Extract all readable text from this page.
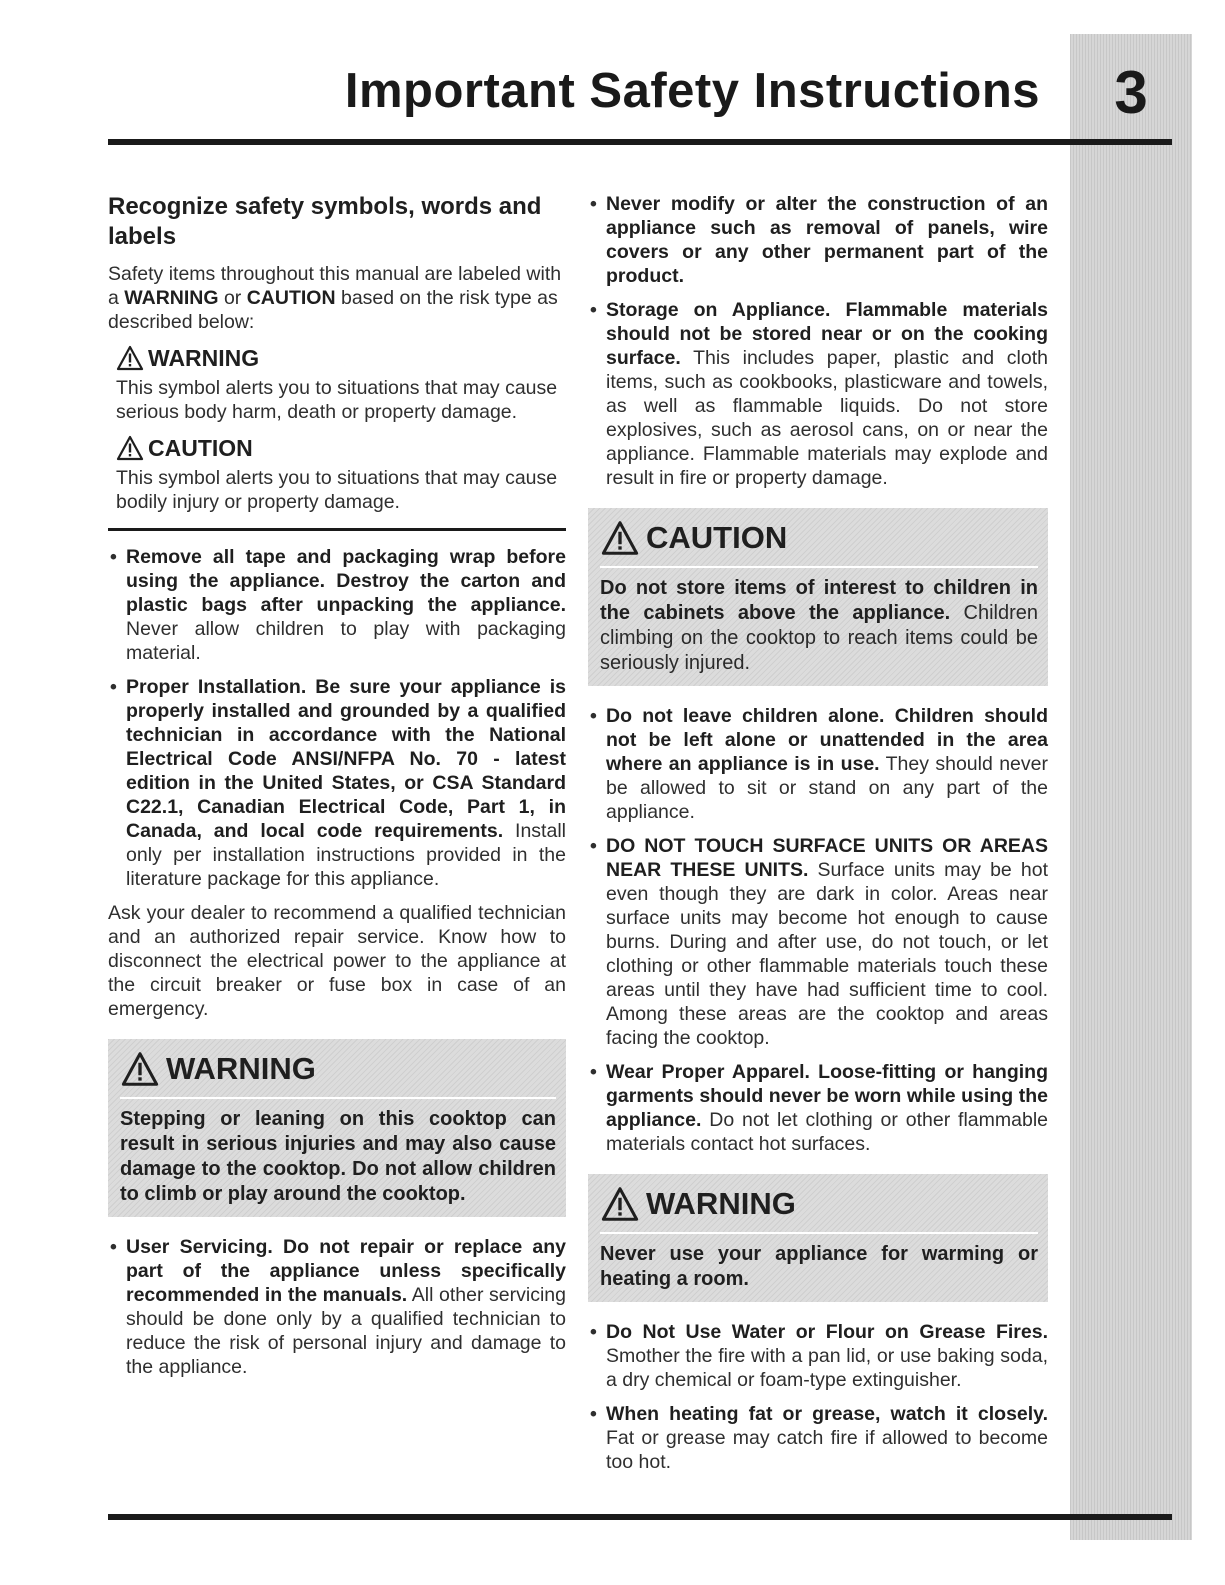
3
Important Safety Instructions
Recognize safety symbols, words and labels

Safety items throughout this manual are labeled with a WARNING or CAUTION based on the risk type as described below:

WARNING

This symbol alerts you to situations that may cause serious body harm, death or property damage.

CAUTION

This symbol alerts you to situations that may cause bodily injury or property damage.

• Remove all tape and packaging wrap before using the appliance. Destroy the carton and plastic bags after unpacking the appliance. Never allow children to play with packaging material.
• Proper Installation. Be sure your appliance is properly installed and grounded by a qualified technician in accordance with the National Electrical Code ANSI/NFPA No. 70 - latest edition in the United States, or CSA Standard C22.1, Canadian Electrical Code, Part 1, in Canada, and local code requirements. Install only per installation instructions provided in the literature package for this appliance.

Ask your dealer to recommend a qualified technician and an authorized repair service. Know how to disconnect the electrical power to the appliance at the circuit breaker or fuse box in case of an emergency.

WARNING

Stepping or leaning on this cooktop can result in serious injuries and may also cause damage to the cooktop. Do not allow children to climb or play around the cooktop.

• User Servicing. Do not repair or replace any part of the appliance unless specifically recommended in the manuals. All other servicing should be done only by a qualified technician to reduce the risk of personal injury and damage to the appliance.
• Never modify or alter the construction of an appliance such as removal of panels, wire covers or any other permanent part of the product.
• Storage on Appliance. Flammable materials should not be stored near or on the cooking surface. This includes paper, plastic and cloth items, such as cookbooks, plasticware and towels, as well as flammable liquids. Do not store explosives, such as aerosol cans, on or near the appliance. Flammable materials may explode and result in fire or property damage.
CAUTION

Do not store items of interest to children in the cabinets above the appliance. Children climbing on the cooktop to reach items could be seriously injured.

• Do not leave children alone. Children should not be left alone or unattended in the area where an appliance is in use. They should never be allowed to sit or stand on any part of the appliance.
• DO NOT TOUCH SURFACE UNITS OR AREAS NEAR THESE UNITS. Surface units may be hot even though they are dark in color. Areas near surface units may become hot enough to cause burns. During and after use, do not touch, or let clothing or other flammable materials touch these areas until they have had sufficient time to cool. Among these areas are the cooktop and areas facing the cooktop.
• Wear Proper Apparel. Loose-fitting or hanging garments should never be worn while using the appliance. Do not let clothing or other flammable materials contact hot surfaces.
WARNING

Never use your appliance for warming or heating a room.

• Do Not Use Water or Flour on Grease Fires. Smother the fire with a pan lid, or use baking soda, a dry chemical or foam-type extinguisher.
• When heating fat or grease, watch it closely. Fat or grease may catch fire if allowed to become too hot.
